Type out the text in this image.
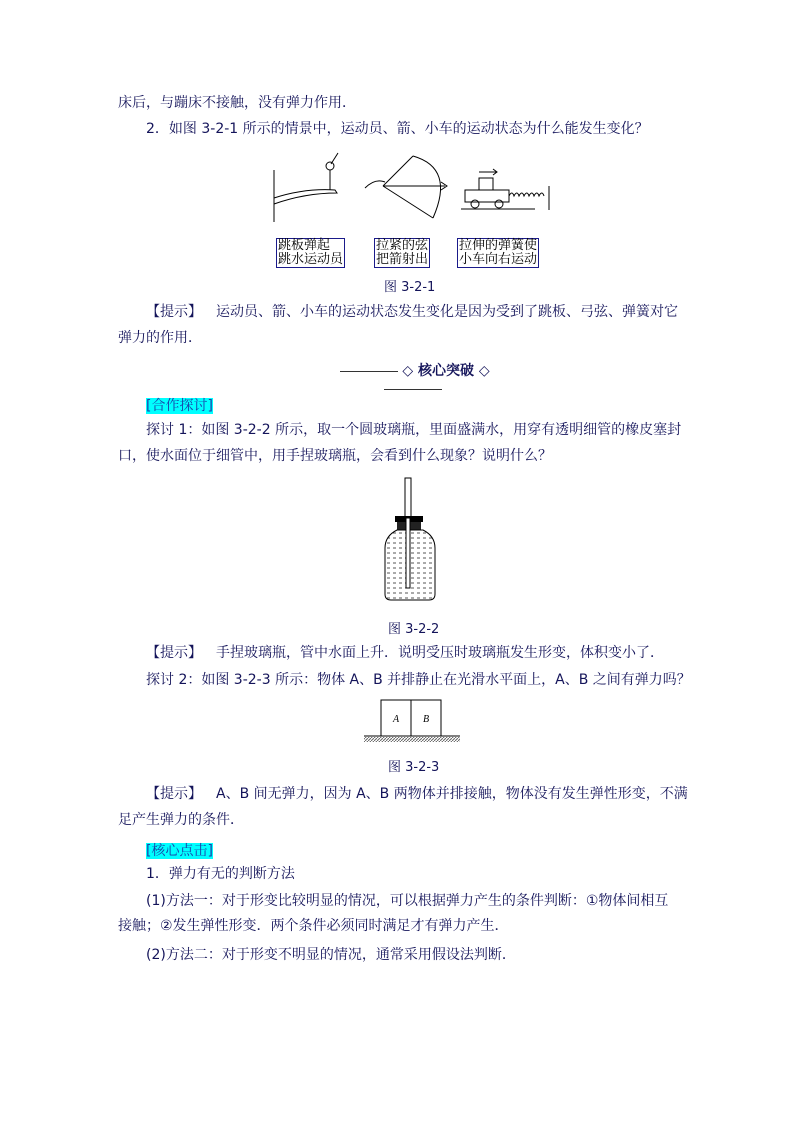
床后，与蹦床不接触，没有弹力作用．
2．如图 3-2-1 所示的情景中，运动员、箭、小车的运动状态为什么能发生变化？
跳板弹起
跳水运动员
拉紧的弦
把箭射出
拉伸的弹簧使
小车向右运动
图 3-2-1
【提示】 运动员、箭、小车的运动状态发生变化是因为受到了跳板、弓弦、弹簧对它
弹力的作用．
◇ 核心突破 ◇
[合作探讨]
探讨 1：如图 3-2-2 所示，取一个圆玻璃瓶，里面盛满水，用穿有透明细管的橡皮塞封
口，使水面位于细管中，用手捏玻璃瓶，会看到什么现象？说明什么？
图 3-2-2
【提示】 手捏玻璃瓶，管中水面上升．说明受压时玻璃瓶发生形变，体积变小了．
探讨 2：如图 3-2-3 所示：物体 A、B 并排静止在光滑水平面上，A、B 之间有弹力吗？
A B
图 3-2-3
【提示】 A、B 间无弹力，因为 A、B 两物体并排接触，物体没有发生弹性形变，不满
足产生弹力的条件．
[核心点击]
1．弹力有无的判断方法
(1)方法一：对于形变比较明显的情况，可以根据弹力产生的条件判断：①物体间相互
接触；②发生弹性形变．两个条件必须同时满足才有弹力产生．
(2)方法二：对于形变不明显的情况，通常采用假设法判断．
